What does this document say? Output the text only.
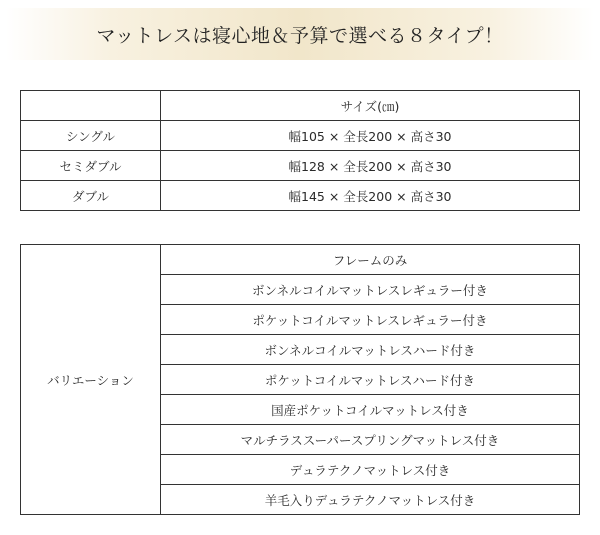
マットレスは寝心地＆予算で選べる８タイプ！
	サイズ(㎝)
シングル	幅105 × 全長200 × 高さ30
セミダブル	幅128 × 全長200 × 高さ30
ダブル	幅145 × 全長200 × 高さ30
バリエーション	フレームのみ
ボンネルコイルマットレスレギュラー付き
ポケットコイルマットレスレギュラー付き
ボンネルコイルマットレスハード付き
ポケットコイルマットレスハード付き
国産ポケットコイルマットレス付き
マルチラススーパースプリングマットレス付き
デュラテクノマットレス付き
羊毛入りデュラテクノマットレス付き
